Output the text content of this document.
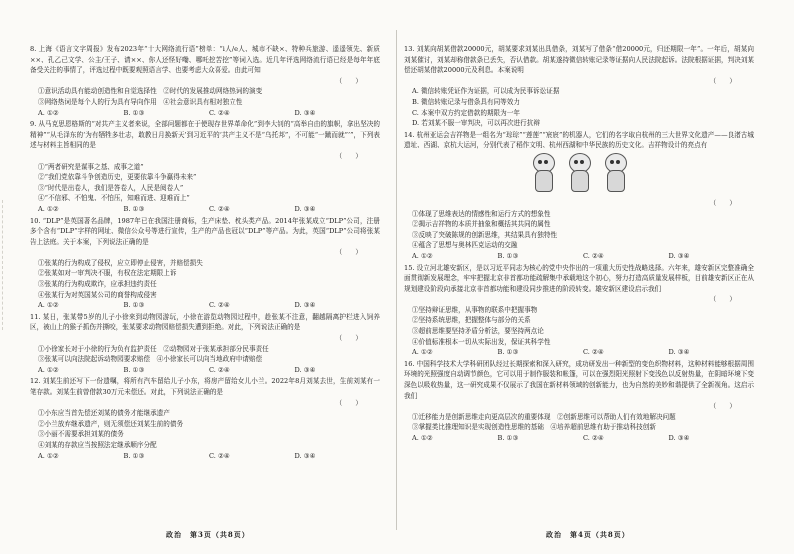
8. 上海《语言文字周报》发布2023年“十大网络流行语”榜单：“i人/e人、城市不缺×、特种兵旅游、遥遥领先、新质××、孔乙己文学、公主/王子、请××、你人还怪好嘞、哪吒挖苦挖”等词入选。近几年评选网络流行语已经是每年年底备受关注的事情了，评选过程中既要观照语言学、也要考虑大众喜爱。由此可知

（　　）

①意识活动具有能动创造性和自觉选择性　②时代的发展推动网络热词的演变

③网络热词是每个人的行为具有导向作用　④社会意识具有相对独立性

A. ①②	B. ①③	C. ②④	D. ③④

9. 从马克思恩格斯的“对共产主义者来说，全部问题都在于使现存世界革命化”到李大钊的“高举自由的旗帜，拿出坚决的精神”“从毛泽东的‘为有牺牲多壮志，敢教日月换新天’到习近平的‘共产主义不是“乌托邦”，不可能“一蹴而就”’”，下列表述与材料主旨相同的是

（　　）

①“两者研究是谋事之基、成事之道”

②“我们党依靠斗争创造历史，更要依靠斗争赢得未来”

③“时代是出卷人，我们是答卷人，人民是阅卷人”

④“不信邪、不怕鬼、不怕压，知难而进、迎难而上”

A. ①②	B. ①③	C. ②④	D. ③④

10. “DLP”是英国著名品牌，1987年已在我国注册商标，生产床垫、枕头类产品。2014年张某成立“DLP”公司，注册多个含有“DLP”字样的网址、微信公众号等进行宣传，生产的产品也冠以“DLP”等产品。为此，英国“DLP”公司将张某告上法庭。关于本案，下列说法正确的是

（　　）

①张某的行为构成了侵权，应立即停止侵害，并赔偿损失

②张某如对一审判决不服，有权在法定期限上诉

③张某的行为构成欺诈，应承担违约责任

④张某行为对英国某公司的商誉构成侵害

A. ①②	B. ①③	C. ②④	D. ③④

11. 某日，张某带5岁的儿子小徐来到动物园游玩，小徐在游览动物园过程中，趁张某不注意，翻越隔离护栏进入饲养区，被山上的猴子抓伤并撕咬，张某要求动物园赔偿损失遭到拒绝。对此，下列说法正确的是

（　　）

①小徐家长对于小徐的行为负有监护责任　②动物园对于张某承担部分民事责任

③张某可以向法院起诉动物园要求赔偿　④小徐家长可以向当地政府申请赔偿

A. ①②	B. ①③	C. ②④	D. ③④

12. 刘某生前还写下一份遗嘱，将所有汽车留给儿子小东，将房产留给女儿小兰。2022年8月刘某去世，生前刘某有一笔存款。刘某生前曾借款30万元未偿还。对此，下列说法正确的是

（　　）

①小东应当首先偿还刘某的债务才能继承遗产

②小兰放弃继承遗产，则无须偿还刘某生前的债务

③小丽不需要承担刘某的债务

④刘某的存款应当按照法定继承顺序分配

A. ①②	B. ①③	C. ②④	D. ③④

13. 刘某向胡某借款20000元，胡某要求刘某出具借条，刘某写了借条“借20000元，归还期限一年”。一年后，胡某向刘某催讨，刘某却称借款条已丢失，否认借款。胡某遂持微信转账记录等证据向人民法院起诉。法院根据证据，判决刘某偿还胡某借款20000元及利息。本案说明

（　　）

A. 微信转账凭证作为证据，可以成为民事诉讼证据

B. 微信转账记录与借条具有同等效力

C. 本案中双方约定借款的期限为一年

D. 若刘某不服一审判决，可以再次进行抗辩

14. 杭州亚运会吉祥物是一组名为“琮琮”“莲莲”“宸宸”的机器人，它们的名字取自杭州的三大世界文化遗产——良渚古城遗址、西湖、京杭大运河，分别代表了稻作文明、杭州西湖和中华民族的历史文化。吉祥物设计的亮点有

（　　）

①体现了思维表达的情感性和运行方式的想象性

②揭示吉祥物的本质并抽象和概括其共同的属性

③反映了突破陈规的创新思维，其结果具有独特性

④蕴含了思想与奥林匹克运动的交融

A. ①②	B. ①③	C. ②④	D. ③④

15. 设立河北雄安新区，是以习近平同志为核心的党中央作出的一项重大历史性战略选择。六年来，雄安新区完整准确全面贯彻新发展理念，牢牢把握北京非首都功能疏解集中承载地这个初心，努力打造高质量发展样板，目前雄安新区正在从规划建设阶段向承接北京非首都功能和建设同步推进的阶段转变。雄安新区建设启示我们

（　　）

①坚持辩证思维，从事物的联系中把握事物

②坚持系统思维，把握整体与部分的关系

③超前思维要坚持矛盾分析法，要坚持两点论

④价值标准根本一切从实际出发，保证其科学性

A. ①②	B. ①③	C. ②④	D. ③④

16. 中国科学技术大学科研团队经过长期探索和深入研究，成功研发出一种新型的变色织物材料，这种材料能够根据周围环境的光照强度自动调节颜色，它可以用于制作服装和帐篷，可以在强烈阳光照射下变浅色以反射热量，在阴暗环境下变深色以吸收热量，这一研究成果不仅展示了我国在新材料领域的创新能力，也为自然的美妙和谐提供了全新视角。这启示我们

（　　）

①迁移能力是创新思维走向更高层次的重要体现　②创新思维可以帮助人们有效地解决问题

③掌握类比推理知识是实现创造性思维的基础　④培养超前思维有助于推动科技创新

A. ①②	B. ①③	C. ②④	D. ③④
政治　第3页（共8页）	政治　第4页（共8页）
